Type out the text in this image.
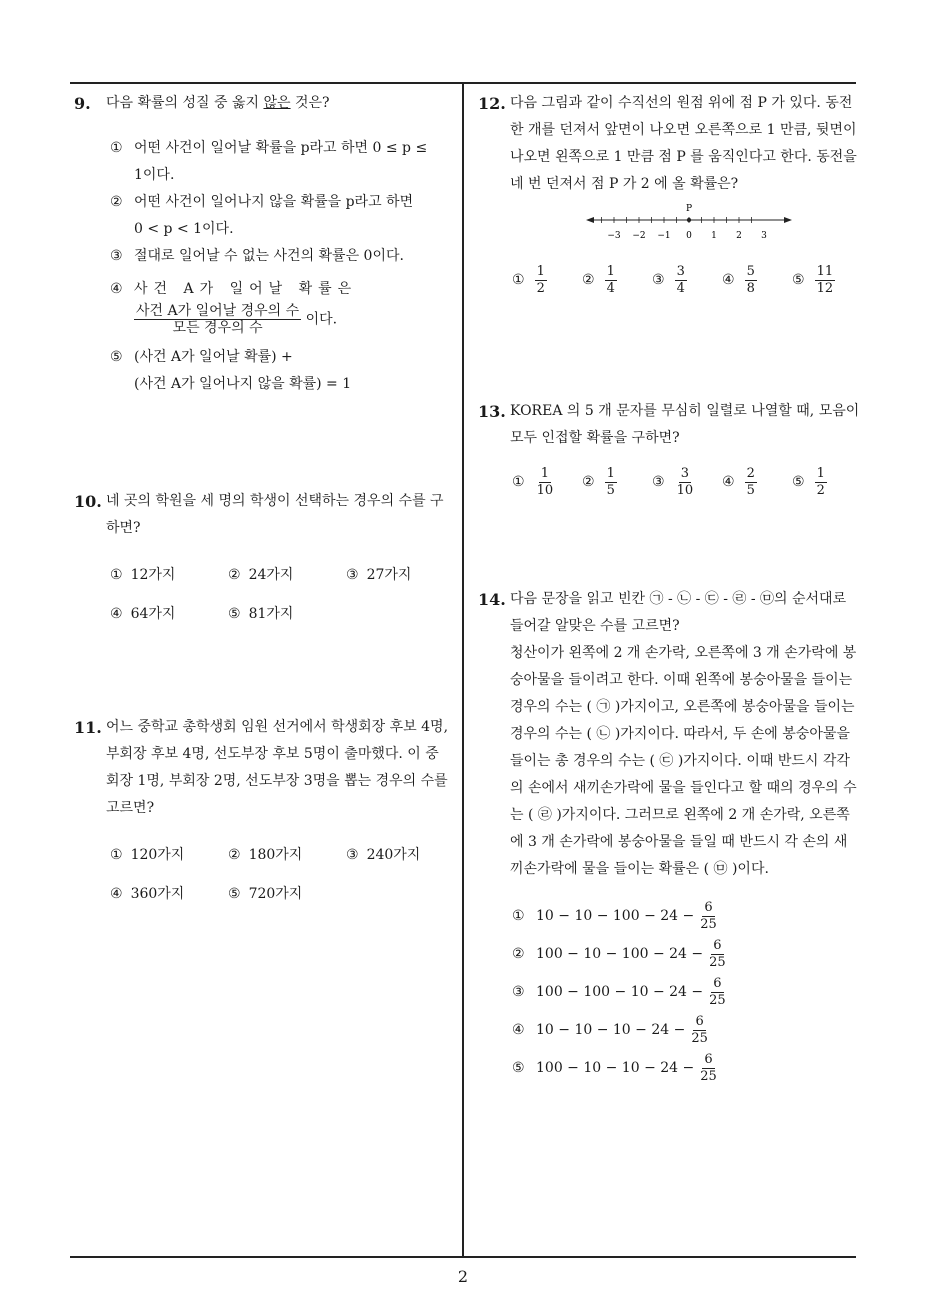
9.	다음 확률의 성질 중 옳지 않은 것은?
① 어떤 사건이 일어날 확률을 p라고 하면 0 ≤ p ≤
1이다.
② 어떤 사건이 일어나지 않을 확률을 p라고 하면
0 < p < 1이다.
③ 절대로 일어날 수 없는 사건의 확률은 0이다.
④ 사건 A가 일어날 확률은

$\frac{\text{사건 A가 일어날 경우의 수}}{\text{모든 경우의 수}}$ 이다.
⑤ (사건 A가 일어날 확률) +
(사건 A가 일어나지 않을 확률) = 1
10. 네 곳의 학원을 세 명의 학생이 선택하는 경우의 수를 구하면?
① 12가지	② 24가지	③ 27가지
④ 64가지	⑤ 81가지
11. 어느 중학교 총학생회 임원 선거에서 학생회장 후보 4명, 부회장 후보 4명, 선도부장 후보 5명이 출마했다. 이 중 회장 1명, 부회장 2명, 선도부장 3명을 뽑는 경우의 수를 고르면?
① 120가지	② 180가지	③ 240가지
④ 360가지	⑤ 720가지
12. 다음 그림과 같이 수직선의 원점 위에 점 P 가 있다. 동전 한 개를 던져서 앞면이 나오면 오른쪽으로 1 만큼, 뒷면이 나오면 왼쪽으로 1 만큼 점 P 를 움직인다고 한다. 동전을 네 번 던져서 점 P 가 2 에 올 확률은?
−3 −2 −1 0 1 2 3
P
① $\frac{1}{2}$	② $\frac{1}{4}$	③ $\frac{3}{4}$	④ $\frac{5}{8}$	⑤ $\frac{11}{12}$
13. KOREA 의 5 개 문자를 무심히 일렬로 나열할 때, 모음이 모두 인접할 확률을 구하면?
① $\frac{1}{10}$ ② $\frac{1}{5}$	③ $\frac{3}{10}$ ④ $\frac{2}{5}$	⑤ $\frac{1}{2}$
14. 다음 문장을 읽고 빈칸 ㉠ - ㉡ - ㉢ - ㉣ - ㉤의 순서대로 들어갈 알맞은 수를 고르면?
청산이가 왼쪽에 2 개 손가락, 오른쪽에 3 개 손가락에 봉숭아물을 들이려고 한다. 이때 왼쪽에 봉숭아물을 들이는 경우의 수는 ( ㉠ )가지이고, 오른쪽에 봉숭아물을 들이는 경우의 수는 ( ㉡ )가지이다. 따라서, 두 손에 봉숭아물을 들이는 총 경우의 수는 ( ㉢ )가지이다. 이때 반드시 각각의 손에서 새끼손가락에 물을 들인다고 할 때의 경우의 수는 ( ㉣ )가지이다. 그러므로 왼쪽에 2 개 손가락, 오른쪽에 3 개 손가락에 봉숭아물을 들일 때 반드시 각 손의 새끼손가락에 물을 들이는 확률은 ( ㉤ )이다.
① $10 - 10 - 100 - 24 - \frac{6}{25}$
② $100 - 10 - 100 - 24 - \frac{6}{25}$
③ $100 - 100 - 10 - 24 - \frac{6}{25}$
④ $10 - 10 - 10 - 24 - \frac{6}{25}$
⑤ $100 - 10 - 10 - 24 - \frac{6}{25}$
2
